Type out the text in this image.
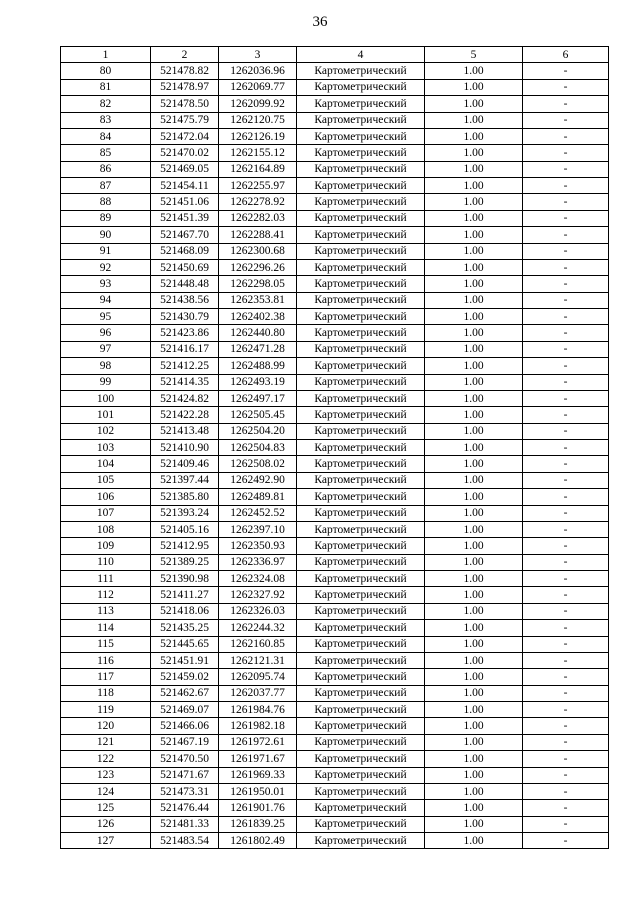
36
1	2	3	4	5	6
80	521478.82	1262036.96	Картометрический	1.00	-
81	521478.97	1262069.77	Картометрический	1.00	-
82	521478.50	1262099.92	Картометрический	1.00	-
83	521475.79	1262120.75	Картометрический	1.00	-
84	521472.04	1262126.19	Картометрический	1.00	-
85	521470.02	1262155.12	Картометрический	1.00	-
86	521469.05	1262164.89	Картометрический	1.00	-
87	521454.11	1262255.97	Картометрический	1.00	-
88	521451.06	1262278.92	Картометрический	1.00	-
89	521451.39	1262282.03	Картометрический	1.00	-
90	521467.70	1262288.41	Картометрический	1.00	-
91	521468.09	1262300.68	Картометрический	1.00	-
92	521450.69	1262296.26	Картометрический	1.00	-
93	521448.48	1262298.05	Картометрический	1.00	-
94	521438.56	1262353.81	Картометрический	1.00	-
95	521430.79	1262402.38	Картометрический	1.00	-
96	521423.86	1262440.80	Картометрический	1.00	-
97	521416.17	1262471.28	Картометрический	1.00	-
98	521412.25	1262488.99	Картометрический	1.00	-
99	521414.35	1262493.19	Картометрический	1.00	-
100	521424.82	1262497.17	Картометрический	1.00	-
101	521422.28	1262505.45	Картометрический	1.00	-
102	521413.48	1262504.20	Картометрический	1.00	-
103	521410.90	1262504.83	Картометрический	1.00	-
104	521409.46	1262508.02	Картометрический	1.00	-
105	521397.44	1262492.90	Картометрический	1.00	-
106	521385.80	1262489.81	Картометрический	1.00	-
107	521393.24	1262452.52	Картометрический	1.00	-
108	521405.16	1262397.10	Картометрический	1.00	-
109	521412.95	1262350.93	Картометрический	1.00	-
110	521389.25	1262336.97	Картометрический	1.00	-
111	521390.98	1262324.08	Картометрический	1.00	-
112	521411.27	1262327.92	Картометрический	1.00	-
113	521418.06	1262326.03	Картометрический	1.00	-
114	521435.25	1262244.32	Картометрический	1.00	-
115	521445.65	1262160.85	Картометрический	1.00	-
116	521451.91	1262121.31	Картометрический	1.00	-
117	521459.02	1262095.74	Картометрический	1.00	-
118	521462.67	1262037.77	Картометрический	1.00	-
119	521469.07	1261984.76	Картометрический	1.00	-
120	521466.06	1261982.18	Картометрический	1.00	-
121	521467.19	1261972.61	Картометрический	1.00	-
122	521470.50	1261971.67	Картометрический	1.00	-
123	521471.67	1261969.33	Картометрический	1.00	-
124	521473.31	1261950.01	Картометрический	1.00	-
125	521476.44	1261901.76	Картометрический	1.00	-
126	521481.33	1261839.25	Картометрический	1.00	-
127	521483.54	1261802.49	Картометрический	1.00	-
